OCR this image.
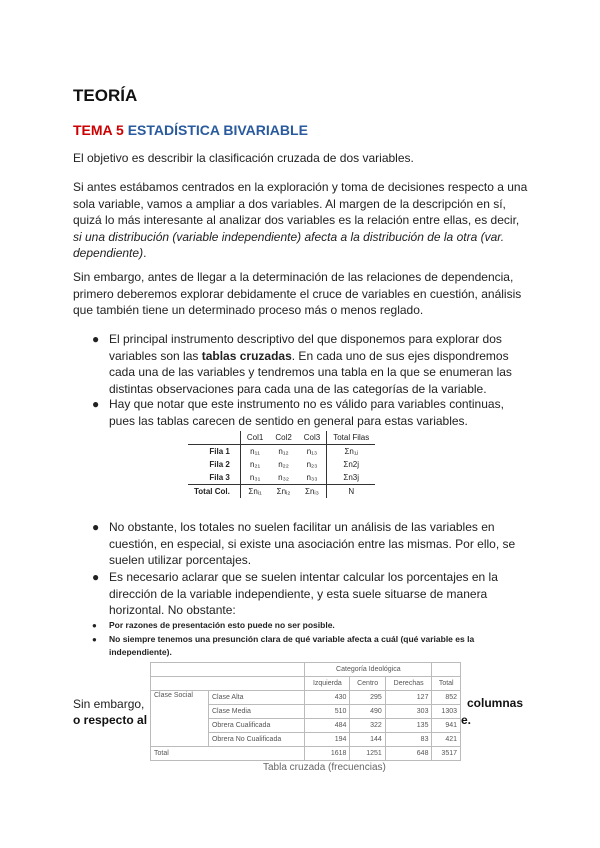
TEORÍA
TEMA 5 ESTADÍSTICA BIVARIABLE
El objetivo es describir la clasificación cruzada de dos variables.
Si antes estábamos centrados en la exploración y toma de decisiones respecto a una sola variable, vamos a ampliar a dos variables. Al margen de la descripción en sí, quizá lo más interesante al analizar dos variables es la relación entre ellas, es decir, si una distribución (variable independiente) afecta a la distribución de la otra (var. dependiente).
Sin embargo, antes de llegar a la determinación de las relaciones de dependencia, primero deberemos explorar debidamente el cruce de variables en cuestión, análisis que también tiene un determinado proceso más o menos reglado.
● El principal instrumento descriptivo del que disponemos para explorar dos variables son las tablas cruzadas. En cada uno de sus ejes dispondremos cada una de las variables y tendremos una tabla en la que se enumeran las distintas observaciones para cada una de las categorías de la variable.
● Hay que notar que este instrumento no es válido para variables continuas, pues las tablas carecen de sentido en general para estas variables.
	Col1	Col2	Col3	Total Filas
Fila 1	n₁₁	n₁₂	n₁₃	Σn₁ⱼ
Fila 2	n₂₁	n₂₂	n₂₃	Σn2j
Fila 3	n₃₁	n₃₂	n₃₃	Σn3j
Total Col.	Σnᵢ₁	Σnᵢ₂	Σnᵢ₃	N
● No obstante, los totales no suelen facilitar un análisis de las variables en cuestión, en especial, si existe una asociación entre las mismas. Por ello, se suelen utilizar porcentajes.
● Es necesario aclarar que se suelen intentar calcular los porcentajes en la dirección de la variable independiente, y esta suele situarse de manera horizontal. No obstante:
● Por razones de presentación esto puede no ser posible.
● No siempre tenemos una presunción clara de qué variable afecta a cuál (qué variable es la independiente).
Sin embargo,
o respecto al
columnas
e.
		Categoría Ideológica			
		Izquierda	Centro	Derechas	Total
Clase Social	Clase Alta	430	295	127	852
	Clase Media	510	490	303	1303
	Obrera Cualificada	484	322	135	941
	Obrera No Cualificada	194	144	83	421
Total		1618	1251	648	3517
Tabla cruzada (frecuencias)
